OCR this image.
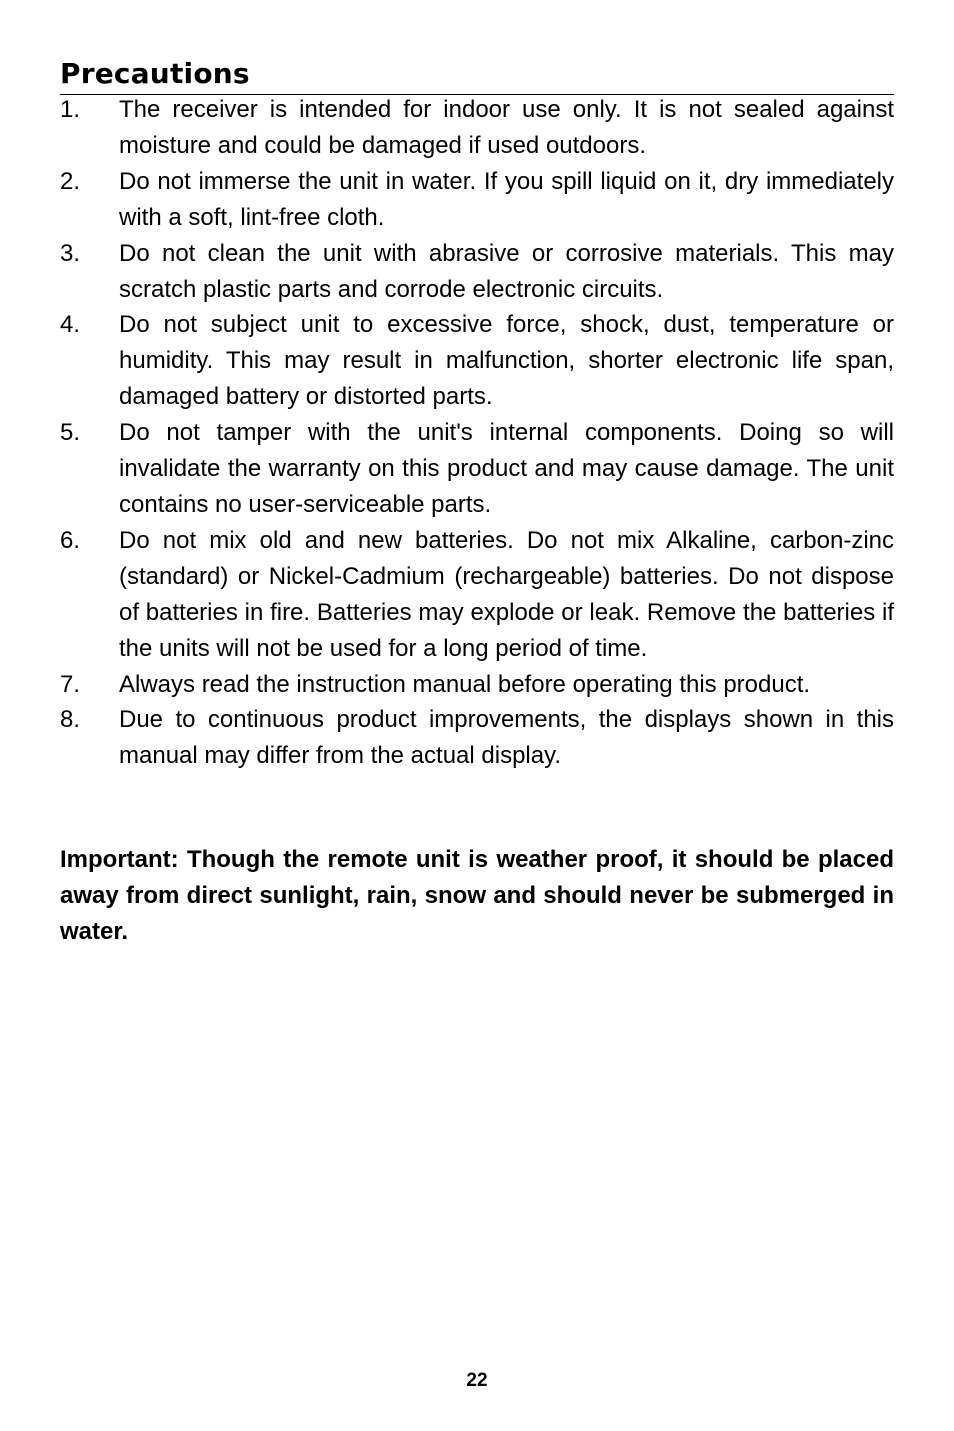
Precautions
1.	The receiver is intended for indoor use only. It is not sealed against moisture and could be damaged if used outdoors.
2.	Do not immerse the unit in water. If you spill liquid on it, dry immediately with a soft, lint-free cloth.
3.	Do not clean the unit with abrasive or corrosive materials. This may scratch plastic parts and corrode electronic circuits.
4.	Do not subject unit to excessive force, shock, dust, temperature or humidity. This may result in malfunction, shorter electronic life span, damaged battery or distorted parts.
5.	Do not tamper with the unit's internal components. Doing so will invalidate the warranty on this product and may cause damage. The unit contains no user-serviceable parts.
6.	Do not mix old and new batteries. Do not mix Alkaline, carbon-zinc (standard) or Nickel-Cadmium (rechargeable) batteries. Do not dispose of batteries in fire. Batteries may explode or leak. Remove the batteries if the units will not be used for a long period of time.
7.	Always read the instruction manual before operating this product.
8.	Due to continuous product improvements, the displays shown in this manual may differ from the actual display.

Important: Though the remote unit is weather proof, it should be placed away from direct sunlight, rain, snow and should never be submerged in water.

22
